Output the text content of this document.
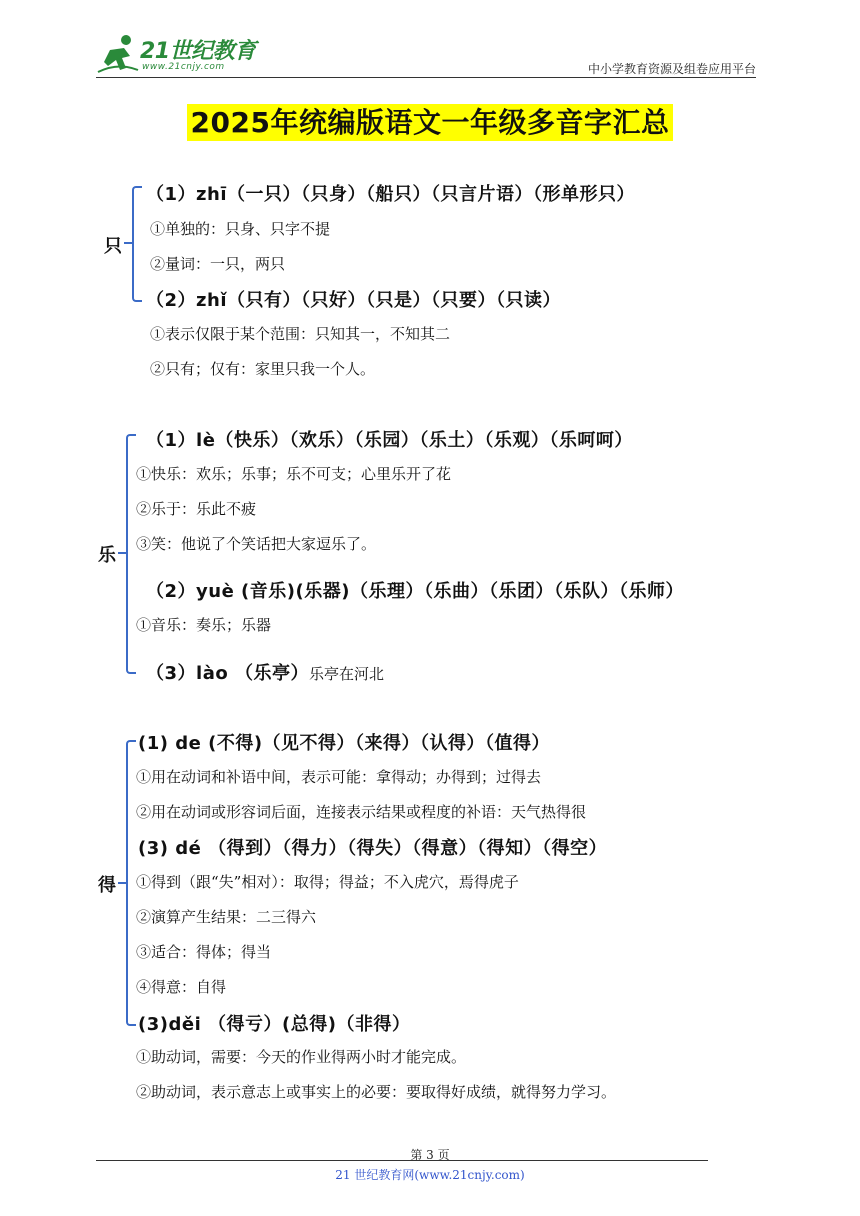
21世纪教育
www.21cnjy.com	中小学教育资源及组卷应用平台
2025年统编版语文一年级多音字汇总
只
（1）zhī（一只）（只身）（船只）（只言片语）（形单形只）
①单独的：只身、只字不提
②量词：一只，两只
（2）zhǐ（只有）（只好）（只是）（只要）（只读）
①表示仅限于某个范围：只知其一，不知其二
②只有；仅有：家里只我一个人。
乐
（1）lè（快乐）（欢乐）（乐园）（乐土）（乐观）（乐呵呵）
①快乐：欢乐；乐事；乐不可支；心里乐开了花
②乐于：乐此不疲
③笑：他说了个笑话把大家逗乐了。
（2）yuè (音乐)(乐器)（乐理）（乐曲）（乐团）（乐队）（乐师）
①音乐：奏乐；乐器
（3）lào （乐亭）乐亭在河北
得
(1) de (不得)（见不得）（来得）（认得）（值得）
①用在动词和补语中间，表示可能：拿得动；办得到；过得去
②用在动词或形容词后面，连接表示结果或程度的补语：天气热得很
(3) dé （得到）（得力）（得失）（得意）（得知）（得空）
①得到（跟“失”相对）：取得；得益；不入虎穴，焉得虎子
②演算产生结果：二三得六
③适合：得体；得当
④得意：自得
(3)děi （得亏）(总得)（非得）
①助动词，需要：今天的作业得两小时才能完成。
②助动词，表示意志上或事实上的必要：要取得好成绩，就得努力学习。
第 3 页
21 世纪教育网(www.21cnjy.com)
